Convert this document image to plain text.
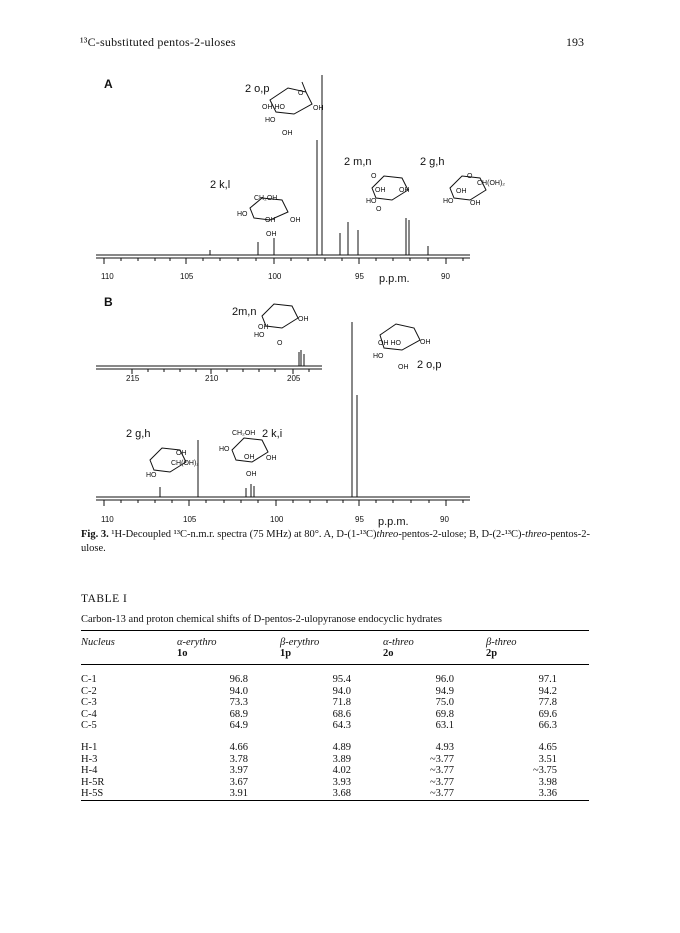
¹³C-substituted pentos-2-uloses	193
A	2 o,p
2 k,l
2 m,n	2 g,h
110	105	100	95 p.p.m.	90
OH HO	OH
HO
OH
O
CH₂OH
HO
OH OH
OH
OH OH
HO
O
O
OH
CH(OH)₂
HO OH
O
B
2m,n
215	210	205
2 o,p
2 g,h	2 k,i
110	105	100	95 p.p.m.	90
OH
OH
HO
O	OH HO	OH
HO
OH
OH
CH(OH)₂
HO
CH₂OH
HO
OH OH
OH
Fig. 3. ¹H-Decoupled ¹³C-n.m.r. spectra (75 MHz) at 80°. A, D-(1-¹³C)threo-pentos-2-ulose; B, D-(2-¹³C)-threo-pentos-2-ulose.
TABLE I
Carbon-13 and proton chemical shifts of D-pentos-2-ulopyranose endocyclic hydrates
Nucleus	α-erythro	β-erythro	α-threo	β-threo
	1o	1p	2o	2p

C-1	96.8	95.4	96.0	97.1
C-2	94.0	94.0	94.9	94.2
C-3	73.3	71.8	75.0	77.8
C-4	68.9	68.6	69.8	69.6
C-5	64.9	64.3	63.1	66.3

H-1	4.66	4.89	4.93	4.65
H-3	3.78	3.89	~3.77	3.51
H-4	3.97	4.02	~3.77	~3.75
H-5R	3.67	3.93	~3.77	3.98
H-5S	3.91	3.68	~3.77	3.36
